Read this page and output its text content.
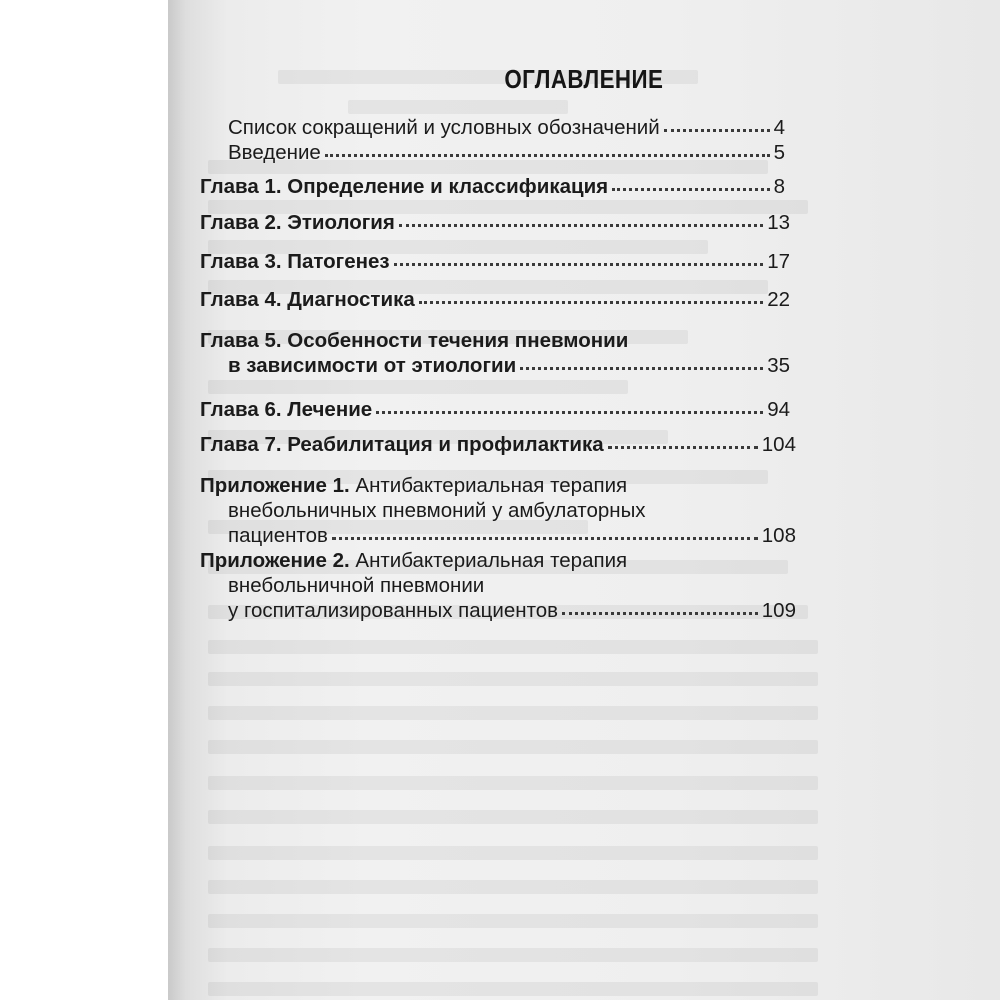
ОГЛАВЛЕНИЕ
Список сокращений и условных обозначений	4
Введение	5
Глава 1. Определение и классификация	8
Глава 2. Этиология	13
Глава 3. Патогенез	17
Глава 4. Диагностика	22
Глава 5. Особенности течения пневмонии
в зависимости от этиологии	35
Глава 6. Лечение	94
Глава 7. Реабилитация и профилактика	104
Приложение 1. Антибактериальная терапия
внебольничных пневмоний у амбулаторных
пациентов	108
Приложение 2. Антибактериальная терапия
внебольничной пневмонии
у госпитализированных пациентов	109
